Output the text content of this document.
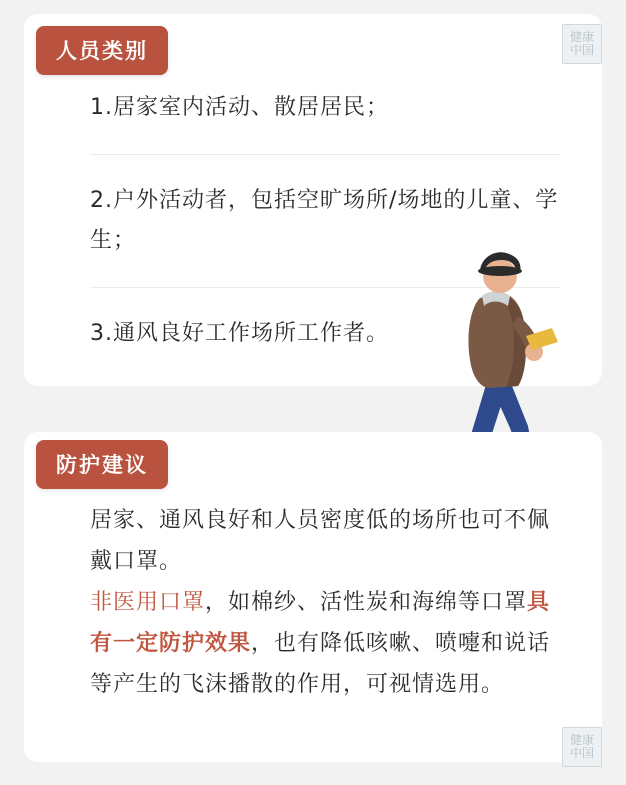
人员类别
1.居家室内活动、散居居民；
2.户外活动者，包括空旷场所/场地的儿童、学生；
3.通风良好工作场所工作者。
防护建议
居家、通风良好和人员密度低的场所也可不佩戴口罩。
非医用口罩，如棉纱、活性炭和海绵等口罩具有一定防护效果，也有降低咳嗽、喷嚏和说话等产生的飞沫播散的作用，可视情选用。
健康
中国
健康
中国
